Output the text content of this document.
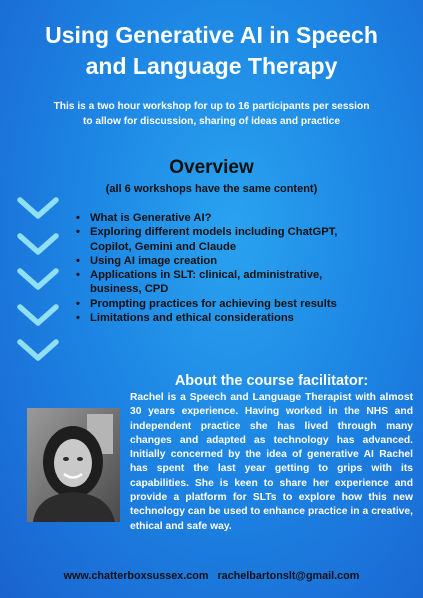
Using Generative AI in Speech
and Language Therapy
This is a two hour workshop for up to 16 participants per session
to allow for discussion, sharing of ideas and practice
Overview
(all 6 workshops have the same content)
• What is Generative AI?
• Exploring different models including ChatGPT, Copilot, Gemini and Claude
• Using AI image creation
• Applications in SLT: clinical, administrative, business, CPD
• Prompting practices for achieving best results
• Limitations and ethical considerations
About the course facilitator:
Rachel is a Speech and Language Therapist with almost 30 years experience. Having worked in the NHS and independent practice she has lived through many changes and adapted as technology has advanced. Initially concerned by the idea of generative AI Rachel has spent the last year getting to grips with its capabilities. She is keen to share her experience and provide a platform for SLTs to explore how this new technology can be used to enhance practice in a creative, ethical and safe way.
www.chatterboxsussex.com rachelbartonslt@gmail.com
